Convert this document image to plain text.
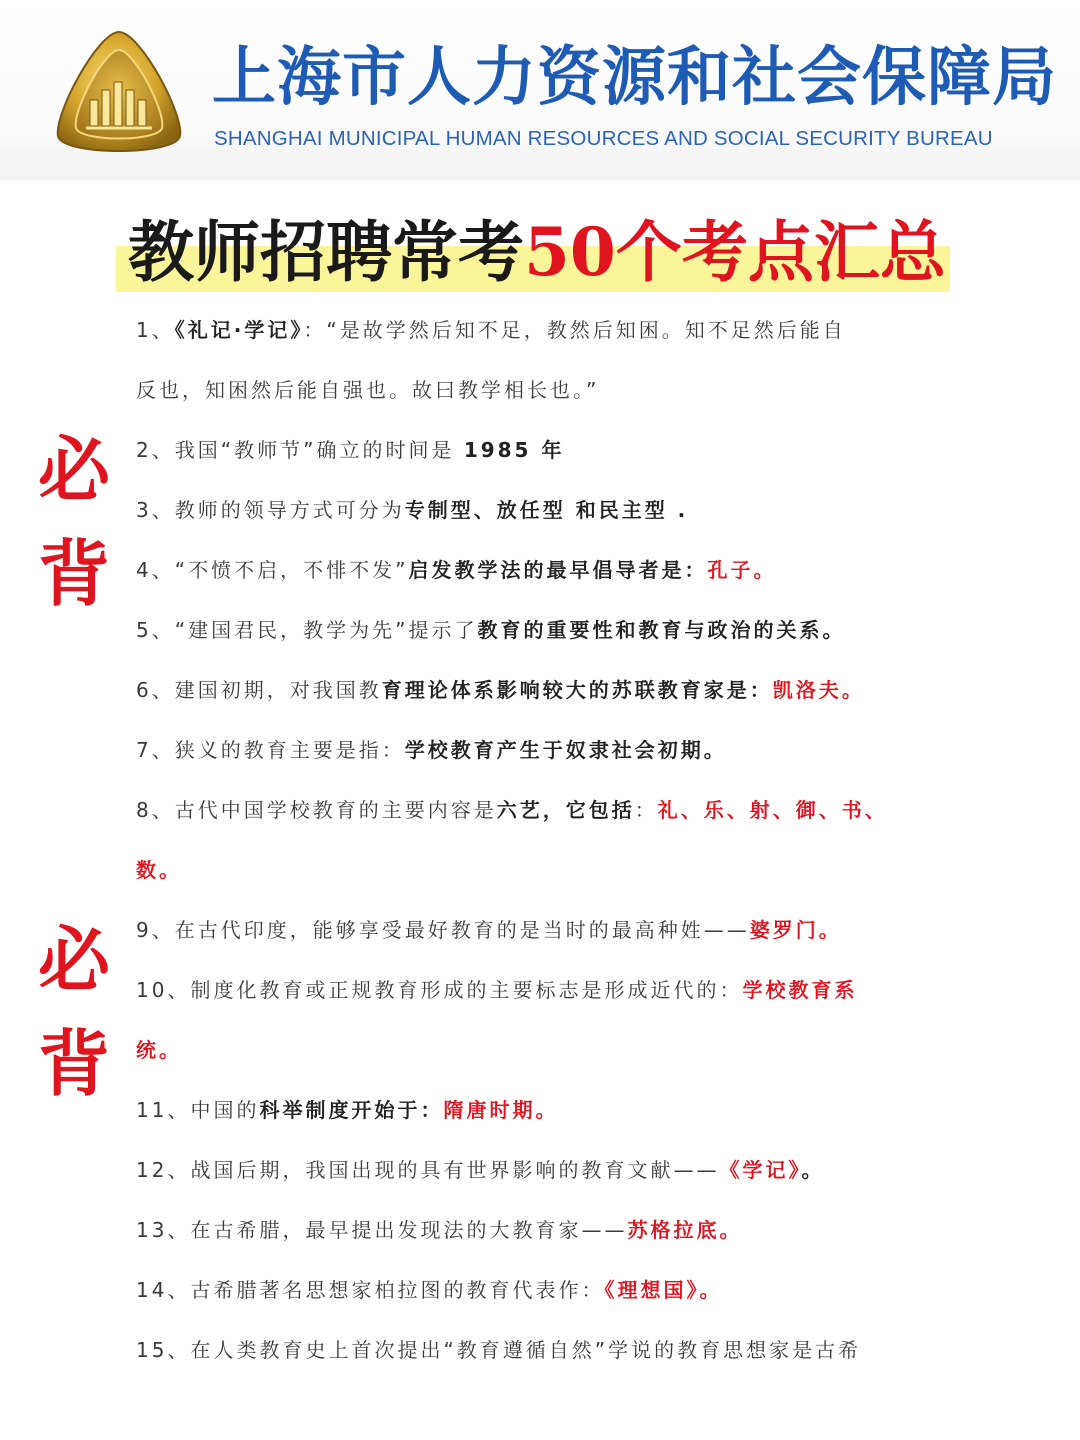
上海市人力资源和社会保障局
SHANGHAI MUNICIPAL HUMAN RESOURCES AND SOCIAL SECURITY BUREAU
教师招聘常考50个考点汇总
必
背
必
背
1、《礼记·学记》：“是故学然后知不足，教然后知困。知不足然后能自
反也，知困然后能自强也。故曰教学相长也。”
2、我国“教师节”确立的时间是 1985 年
3、教师的领导方式可分为专制型、放任型 和民主型 .
4、“不愤不启，不悱不发”启发教学法的最早倡导者是：孔子。
5、“建国君民，教学为先”提示了教育的重要性和教育与政治的关系。
6、建国初期，对我国教育理论体系影响较大的苏联教育家是：凯洛夫。
7、狭义的教育主要是指：学校教育产生于奴隶社会初期。
8、古代中国学校教育的主要内容是六艺，它包括：礼、乐、射、御、书、
数。
9、在古代印度，能够享受最好教育的是当时的最高种姓——婆罗门。
10、制度化教育或正规教育形成的主要标志是形成近代的：学校教育系
统。
11、中国的科举制度开始于：隋唐时期。
12、战国后期，我国出现的具有世界影响的教育文献——《学记》。
13、在古希腊，最早提出发现法的大教育家——苏格拉底。
14、古希腊著名思想家柏拉图的教育代表作：《理想国》。
15、在人类教育史上首次提出“教育遵循自然”学说的教育思想家是古希
